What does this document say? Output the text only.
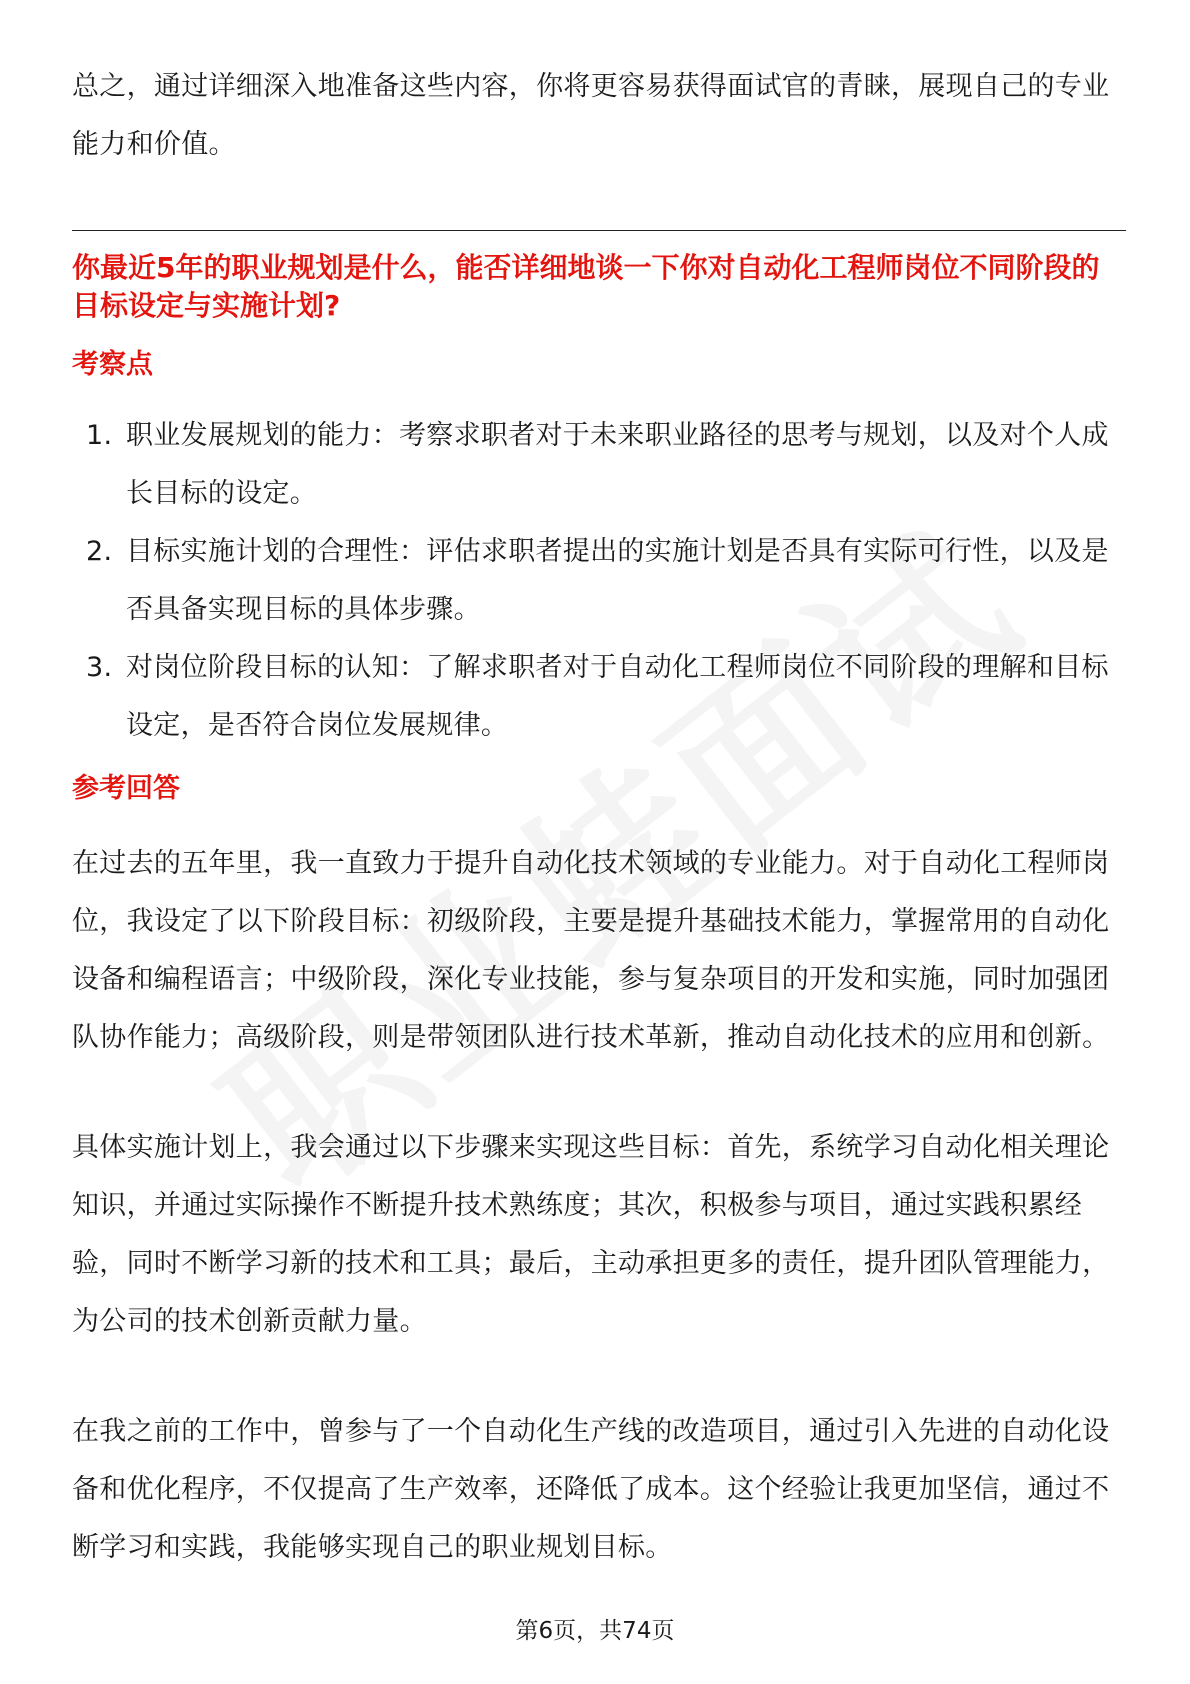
总之，通过详细深入地准备这些内容，你将更容易获得面试官的青睐，展现自己的专业能力和价值。

你最近5年的职业规划是什么，能否详细地谈一下你对自动化工程师岗位不同阶段的目标设定与实施计划?

考察点

1. 职业发展规划的能力：考察求职者对于未来职业路径的思考与规划，以及对个人成长目标的设定。
2. 目标实施计划的合理性：评估求职者提出的实施计划是否具有实际可行性，以及是否具备实现目标的具体步骤。
3. 对岗位阶段目标的认知：了解求职者对于自动化工程师岗位不同阶段的理解和目标设定，是否符合岗位发展规律。

参考回答

在过去的五年里，我一直致力于提升自动化技术领域的专业能力。对于自动化工程师岗位，我设定了以下阶段目标：初级阶段，主要是提升基础技术能力，掌握常用的自动化设备和编程语言；中级阶段，深化专业技能，参与复杂项目的开发和实施，同时加强团队协作能力；高级阶段，则是带领团队进行技术革新，推动自动化技术的应用和创新。

具体实施计划上，我会通过以下步骤来实现这些目标：首先，系统学习自动化相关理论知识，并通过实际操作不断提升技术熟练度；其次，积极参与项目，通过实践积累经验，同时不断学习新的技术和工具；最后，主动承担更多的责任，提升团队管理能力，为公司的技术创新贡献力量。

在我之前的工作中，曾参与了一个自动化生产线的改造项目，通过引入先进的自动化设备和优化程序，不仅提高了生产效率，还降低了成本。这个经验让我更加坚信，通过不断学习和实践，我能够实现自己的职业规划目标。

第6页，共74页
